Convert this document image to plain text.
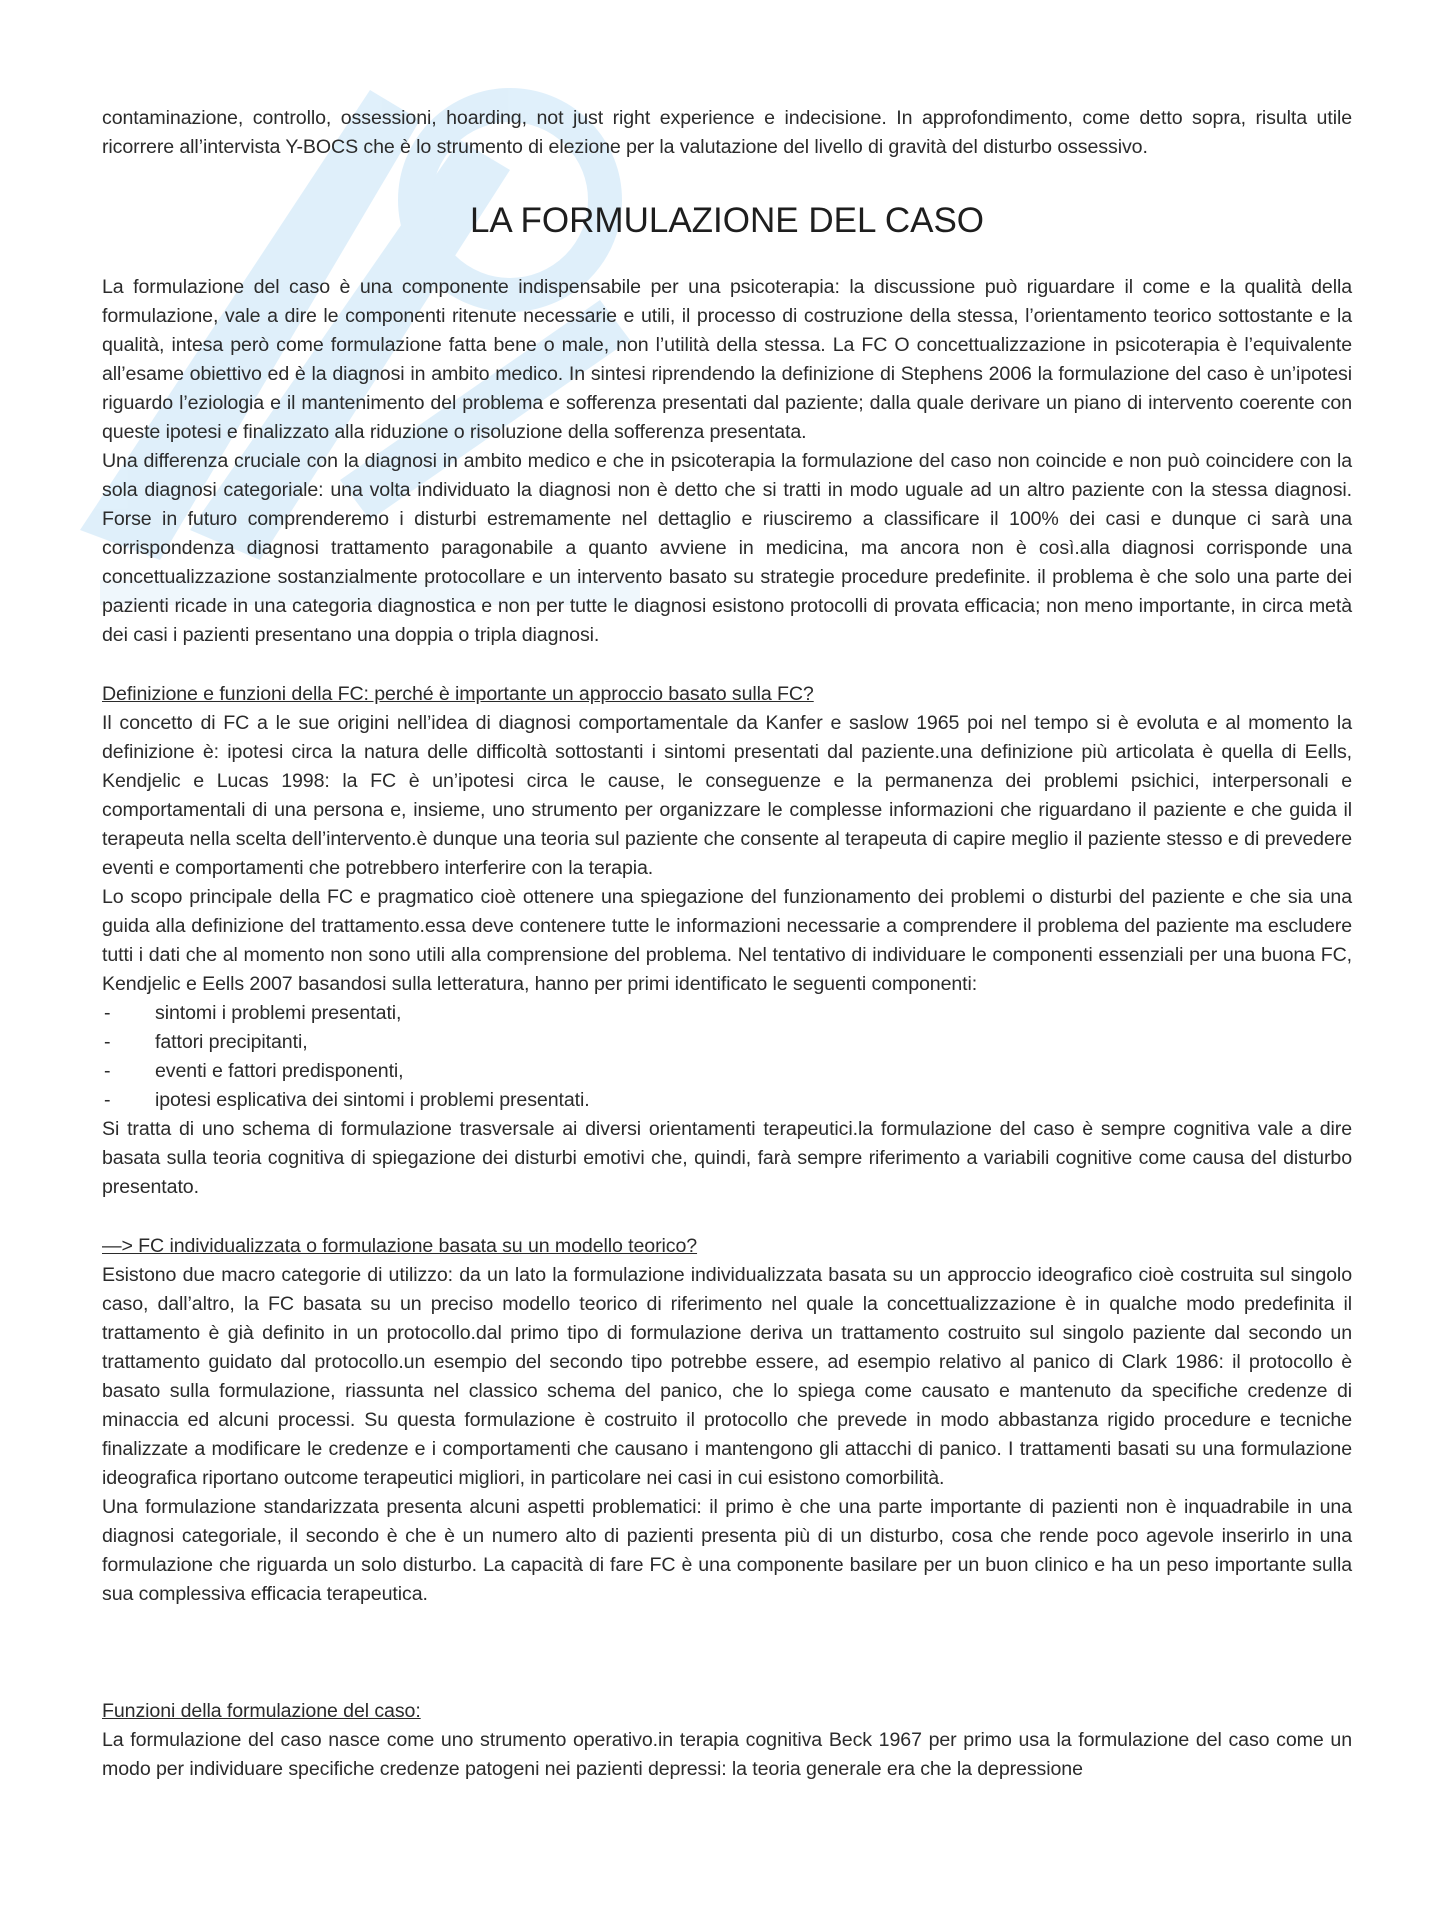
contaminazione, controllo, ossessioni, hoarding, not just right experience e indecisione. In approfondimento, come detto sopra, risulta utile ricorrere all’intervista Y-BOCS che è lo strumento di elezione per la valutazione del livello di gravità del disturbo ossessivo.

LA FORMULAZIONE DEL CASO

La formulazione del caso è una componente indispensabile per una psicoterapia: la discussione può riguardare il come e la qualità della formulazione, vale a dire le componenti ritenute necessarie e utili, il processo di costruzione della stessa, l’orientamento teorico sottostante e la qualità, intesa però come formulazione fatta bene o male, non l’utilità della stessa. La FC O concettualizzazione in psicoterapia è l’equivalente all’esame obiettivo ed è la diagnosi in ambito medico. In sintesi riprendendo la definizione di Stephens 2006 la formulazione del caso è un’ipotesi riguardo l’eziologia e il mantenimento del problema e sofferenza presentati dal paziente; dalla quale derivare un piano di intervento coerente con queste ipotesi e finalizzato alla riduzione o risoluzione della sofferenza presentata.

Una differenza cruciale con la diagnosi in ambito medico e che in psicoterapia la formulazione del caso non coincide e non può coincidere con la sola diagnosi categoriale: una volta individuato la diagnosi non è detto che si tratti in modo uguale ad un altro paziente con la stessa diagnosi. Forse in futuro comprenderemo i disturbi estremamente nel dettaglio e riusciremo a classificare il 100% dei casi e dunque ci sarà una corrispondenza diagnosi trattamento paragonabile a quanto avviene in medicina, ma ancora non è così.alla diagnosi corrisponde una concettualizzazione sostanzialmente protocollare e un intervento basato su strategie procedure predefinite. il problema è che solo una parte dei pazienti ricade in una categoria diagnostica e non per tutte le diagnosi esistono protocolli di provata efficacia; non meno importante, in circa metà dei casi i pazienti presentano una doppia o tripla diagnosi.

Definizione e funzioni della FC: perché è importante un approccio basato sulla FC?

Il concetto di FC a le sue origini nell’idea di diagnosi comportamentale da Kanfer e saslow 1965 poi nel tempo si è evoluta e al momento la definizione è: ipotesi circa la natura delle difficoltà sottostanti i sintomi presentati dal paziente.una definizione più articolata è quella di Eells, Kendjelic e Lucas 1998: la FC è un’ipotesi circa le cause, le conseguenze e la permanenza dei problemi psichici, interpersonali e comportamentali di una persona e, insieme, uno strumento per organizzare le complesse informazioni che riguardano il paziente e che guida il terapeuta nella scelta dell’intervento.è dunque una teoria sul paziente che consente al terapeuta di capire meglio il paziente stesso e di prevedere eventi e comportamenti che potrebbero interferire con la terapia.

Lo scopo principale della FC e pragmatico cioè ottenere una spiegazione del funzionamento dei problemi o disturbi del paziente e che sia una guida alla definizione del trattamento.essa deve contenere tutte le informazioni necessarie a comprendere il problema del paziente ma escludere tutti i dati che al momento non sono utili alla comprensione del problema. Nel tentativo di individuare le componenti essenziali per una buona FC, Kendjelic e Eells 2007 basandosi sulla letteratura, hanno per primi identificato le seguenti componenti:

- sintomi i problemi presentati,
- fattori precipitanti,
- eventi e fattori predisponenti,
- ipotesi esplicativa dei sintomi i problemi presentati.

Si tratta di uno schema di formulazione trasversale ai diversi orientamenti terapeutici.la formulazione del caso è sempre cognitiva vale a dire basata sulla teoria cognitiva di spiegazione dei disturbi emotivi che, quindi, farà sempre riferimento a variabili cognitive come causa del disturbo presentato.

—> FC individualizzata o formulazione basata su un modello teorico?

Esistono due macro categorie di utilizzo: da un lato la formulazione individualizzata basata su un approccio ideografico cioè costruita sul singolo caso, dall’altro, la FC basata su un preciso modello teorico di riferimento nel quale la concettualizzazione è in qualche modo predefinita il trattamento è già definito in un protocollo.dal primo tipo di formulazione deriva un trattamento costruito sul singolo paziente dal secondo un trattamento guidato dal protocollo.un esempio del secondo tipo potrebbe essere, ad esempio relativo al panico di Clark 1986: il protocollo è basato sulla formulazione, riassunta nel classico schema del panico, che lo spiega come causato e mantenuto da specifiche credenze di minaccia ed alcuni processi. Su questa formulazione è costruito il protocollo che prevede in modo abbastanza rigido procedure e tecniche finalizzate a modificare le credenze e i comportamenti che causano i mantengono gli attacchi di panico. I trattamenti basati su una formulazione ideografica riportano outcome terapeutici migliori, in particolare nei casi in cui esistono comorbilità.

Una formulazione standarizzata presenta alcuni aspetti problematici: il primo è che una parte importante di pazienti non è inquadrabile in una diagnosi categoriale, il secondo è che è un numero alto di pazienti presenta più di un disturbo, cosa che rende poco agevole inserirlo in una formulazione che riguarda un solo disturbo. La capacità di fare FC è una componente basilare per un buon clinico e ha un peso importante sulla sua complessiva efficacia terapeutica.

Funzioni della formulazione del caso:

La formulazione del caso nasce come uno strumento operativo.in terapia cognitiva Beck 1967 per primo usa la formulazione del caso come un modo per individuare specifiche credenze patogeni nei pazienti depressi: la teoria generale era che la depressione
